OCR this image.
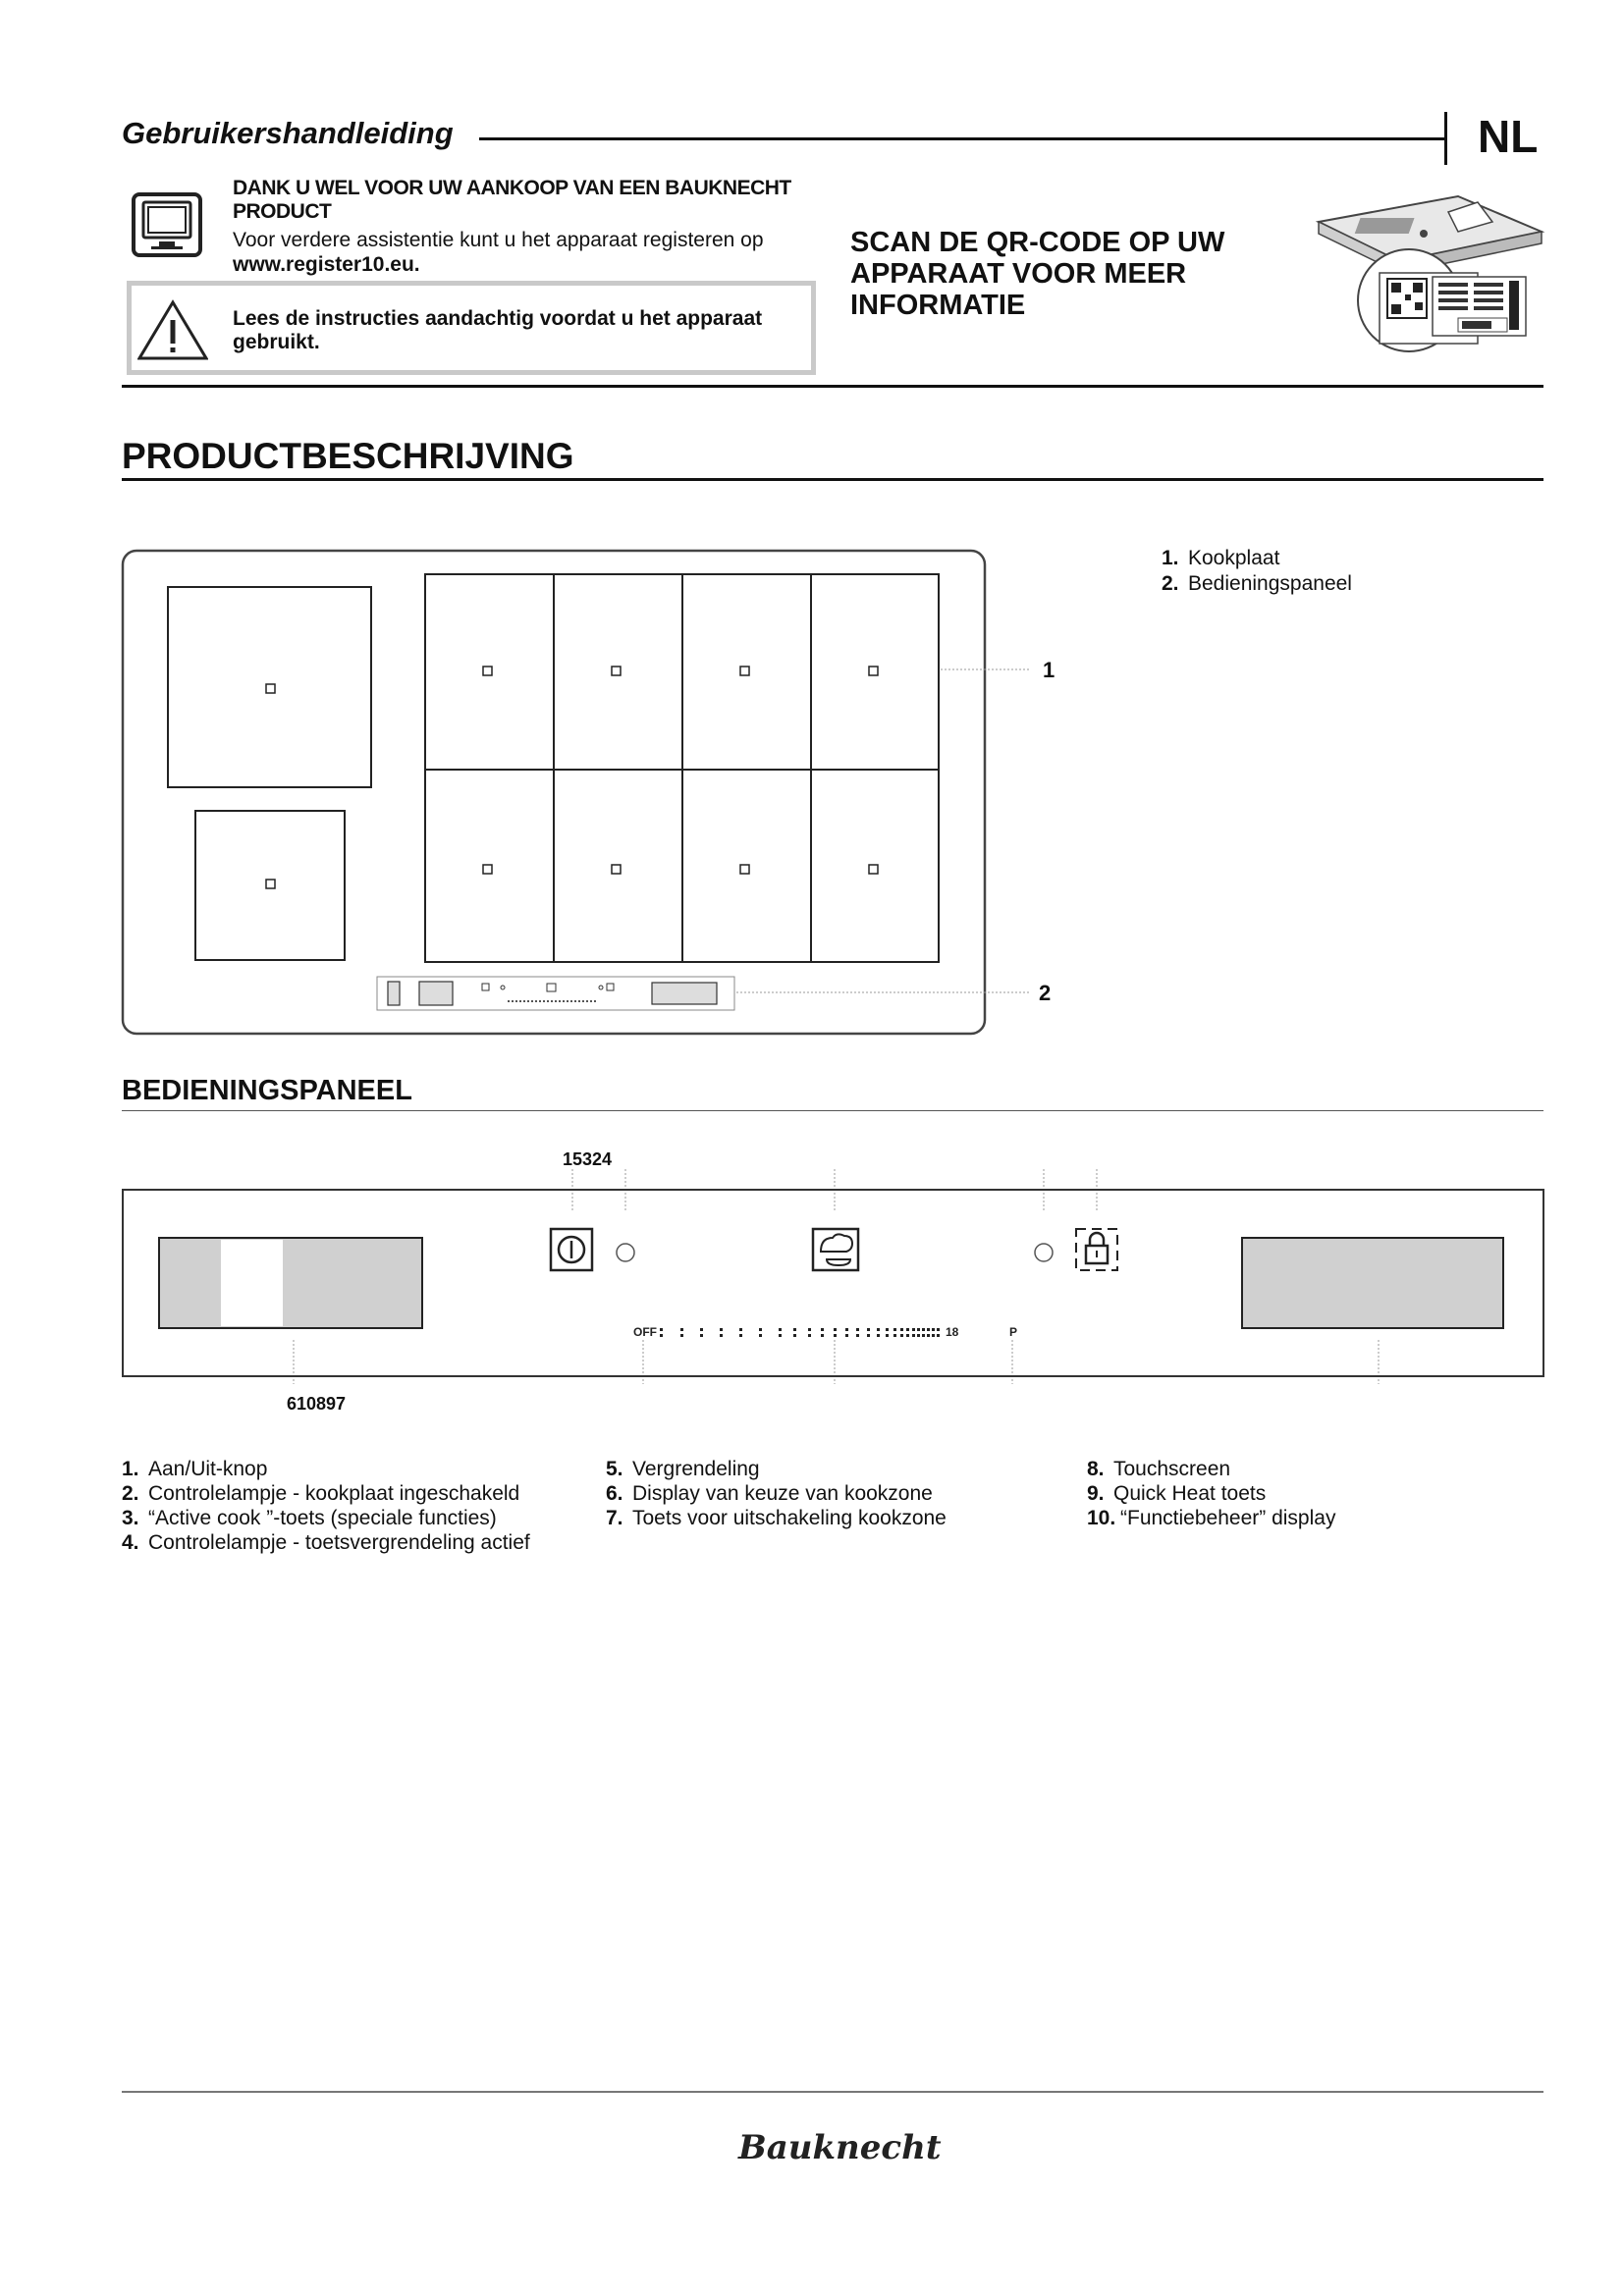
Gebruikershandleiding	NL
DANK U WEL VOOR UW AANKOOP VAN EEN BAUKNECHT PRODUCT
Voor verdere assistentie kunt u het apparaat registeren op
www.register10.eu.
Lees de instructies aandachtig voordat u het apparaat gebruikt.
SCAN DE QR-CODE OP UW APPARAAT VOOR MEER INFORMATIE
PRODUCTBESCHRIJVING
1
2
1. Kookplaat
2. Bedieningspaneel
BEDIENINGSPANEEL
15324
OFF	18	P
610897
1. Aan/Uit-knop
2. Controlelampje - kookplaat ingeschakeld
3. “Active cook ”-toets (speciale functies)
4. Controlelampje - toetsvergrendeling actief
5. Vergrendeling
6. Display van keuze van kookzone
7. Toets voor uitschakeling kookzone
8. Touchscreen
9. Quick Heat toets
10. “Functiebeheer” display
Bauknecht
